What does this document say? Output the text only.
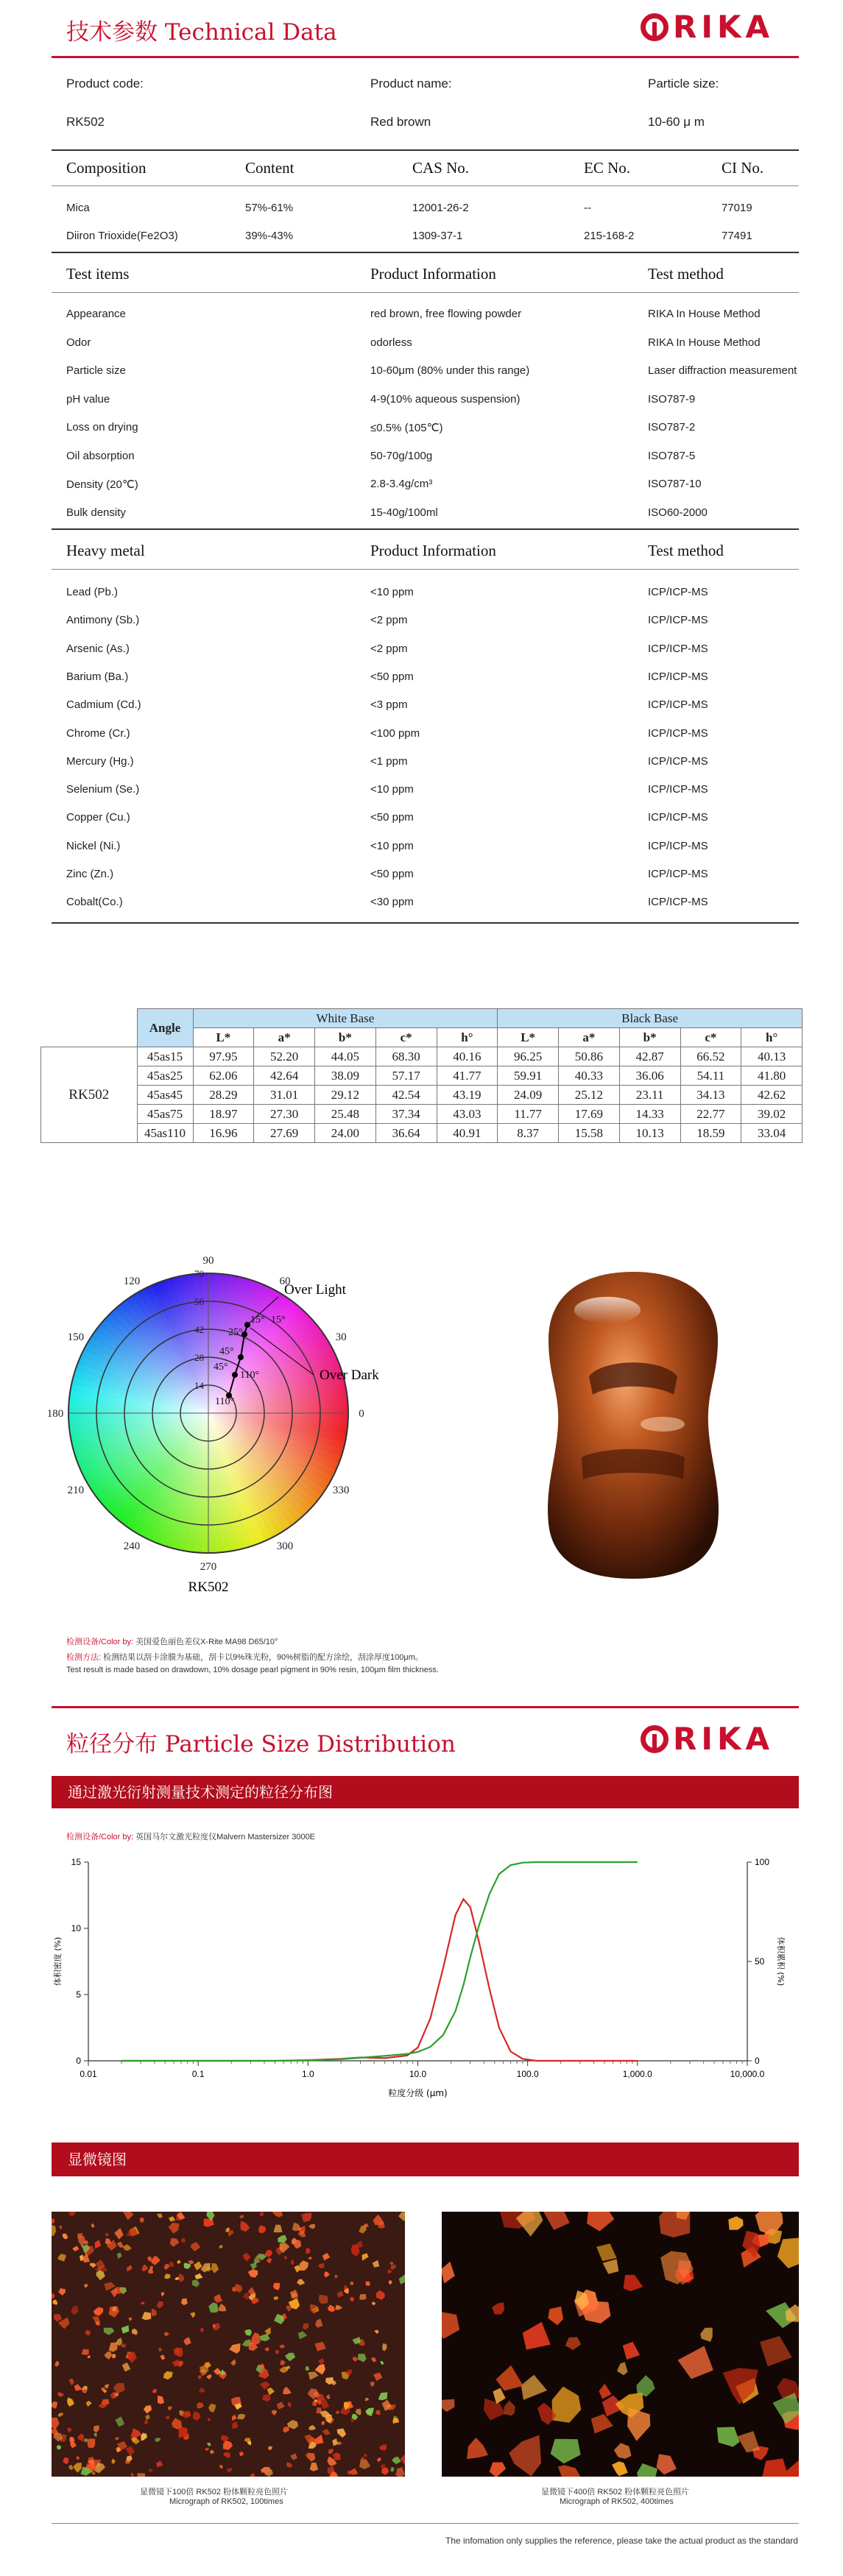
技术参数 Technical Data	RIKA
Product code:	Product name:	Particle size:
RK502	Red brown	10-60 μ m
Composition	Content	CAS No.	EC No.	CI No.
Mica	57%-61%	12001-26-2	--	77019
Diiron Trioxide(Fe2O3)	39%-43%	1309-37-1	215-168-2	77491
Test items	Product Information	Test method
Appearance	red brown, free flowing powder	RIKA In House Method
Odor	odorless	RIKA In House Method
Particle size	10-60μm (80% under this range)	Laser diffraction measurement
pH value	4-9(10% aqueous suspension)	ISO787-9
Loss on drying	≤0.5% (105℃)	ISO787-2
Oil absorption	50-70g/100g	ISO787-5
Density (20℃)	2.8-3.4g/cm³	ISO787-10
Bulk density	15-40g/100ml	ISO60-2000
Heavy metal	Product Information	Test method
Lead (Pb.)	<10 ppm	ICP/ICP-MS
Antimony (Sb.)	<2 ppm	ICP/ICP-MS
Arsenic (As.)	<2 ppm	ICP/ICP-MS
Barium (Ba.)	<50 ppm	ICP/ICP-MS
Cadmium (Cd.)	<3 ppm	ICP/ICP-MS
Chrome (Cr.)	<100 ppm	ICP/ICP-MS
Mercury (Hg.)	<1 ppm	ICP/ICP-MS
Selenium (Se.)	<10 ppm	ICP/ICP-MS
Copper (Cu.)	<50 ppm	ICP/ICP-MS
Nickel (Ni.)	<10 ppm	ICP/ICP-MS
Zinc (Zn.)	<50 ppm	ICP/ICP-MS
Cobalt(Co.)	<30 ppm	ICP/ICP-MS
	Angle	White Base					Black Base				
		L*	a*	b*	c*	h°	L*	a*	b*	c*	h°
RK502	45as15	97.95	52.20	44.05	68.30	40.16	96.25	50.86	42.87	66.52	40.13
	45as25	62.06	42.64	38.09	57.17	41.77	59.91	40.33	36.06	54.11	41.80
	45as45	28.29	31.01	29.12	42.54	43.19	24.09	25.12	23.11	34.13	42.62
	45as75	18.97	27.30	25.48	37.34	43.03	11.77	17.69	14.33	22.77	39.02
	45as110	16.96	27.69	24.00	36.64	40.91	8.37	15.58	10.13	18.59	33.04
0
30
60
90
120
150
180
210
240
270
300
330
14
28
42
56
70
Over Light
Over Dark
15° 15°
25°
45°
45°
110°
110°
RK502
检测设备/Color by: 美国爱色丽色差仪X-Rite MA98 D65/10°
检测方法: 检测结果以刮卡涂膜为基础，刮卡以9%珠光粉，90%树脂的配方涂绘，刮涂厚度100μm。
Test result is made based on drawdown, 10% dosage pearl pigment in 90% resin, 100μm film thickness.
粒径分布 Particle Size Distribution	RIKA
通过激光衍射测量技术测定的粒径分布图
检测设备/Color by: 英国马尔文激光粒度仪Malvern Mastersizer 3000E
0.01	0.1	1.0	10.0	100.0	1,000.0	10,000.0
0
5
10
15
0
50
100
粒度分级 (μm)
体积密度 (%)	体积累积 (%)
显微镜图
显微镜下100倍 RK502 粉体颗粒亮色照片
Micrograph of RK502, 100times
显微镜下400倍 RK502 粉体颗粒亮色照片
Micrograph of RK502, 400times
The infomation only supplies the reference, please take the actual product as the standard
